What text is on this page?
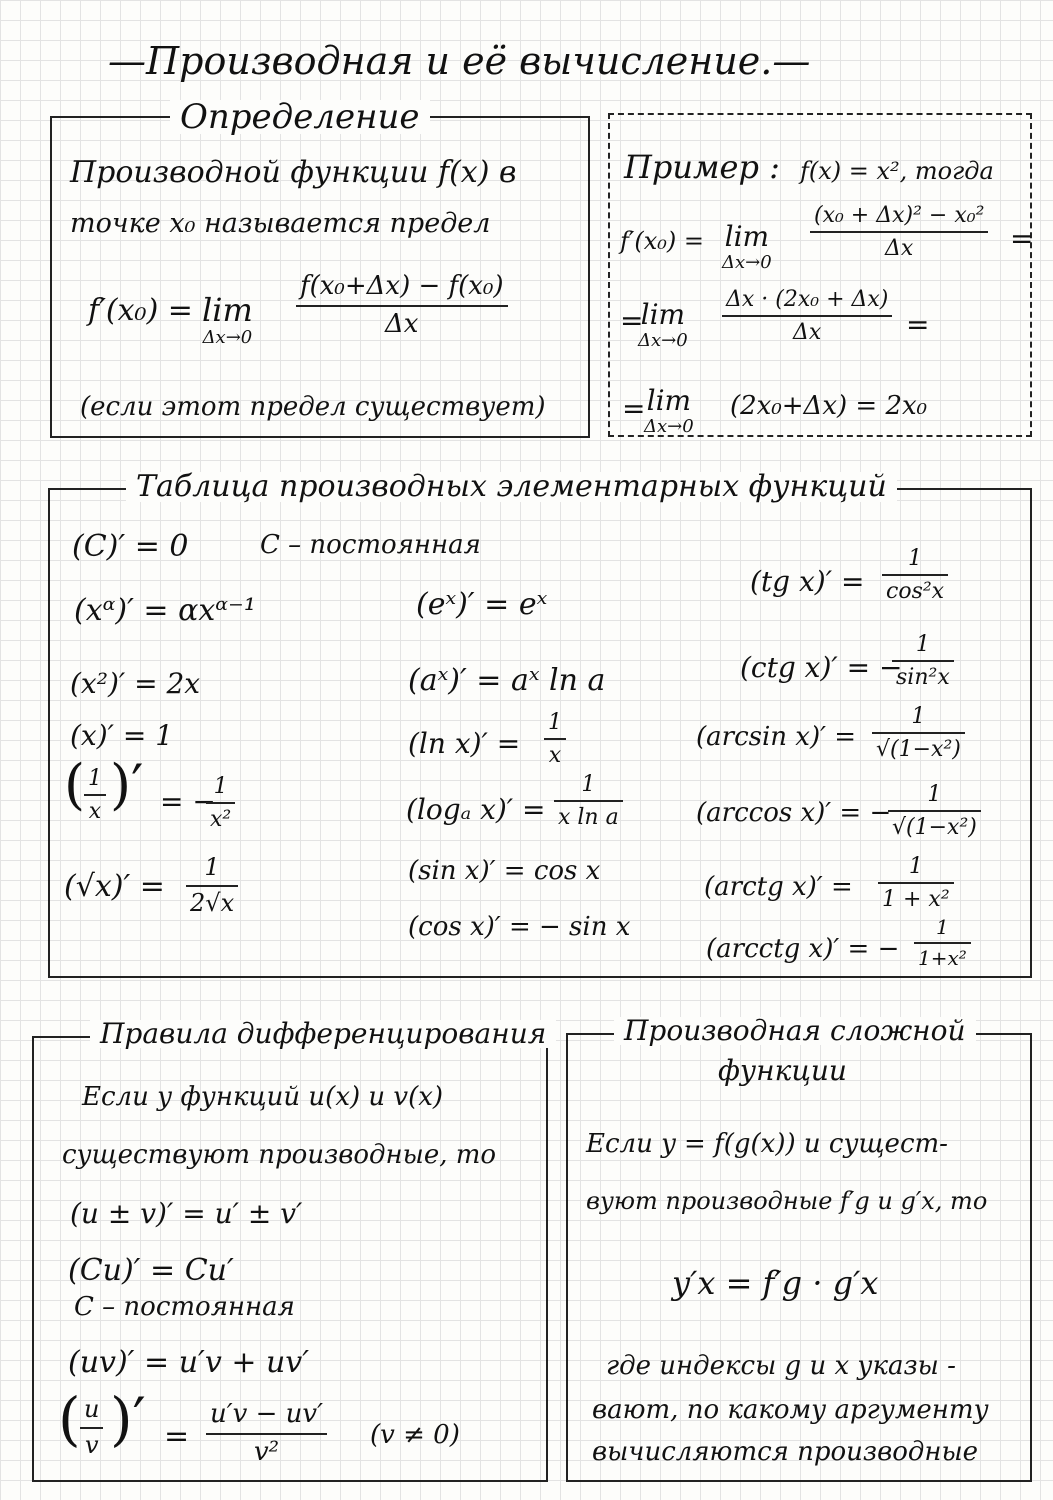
—Производная и её вычисление.—
Определение
Производной функции f(x) в
точке x₀ называется предел
f′(x₀) = lim
Δx→0
f(x₀+Δx) − f(x₀)
Δx
(если этот предел существует)
Пример : f(x) = x², тогда
f′(x₀) = lim
Δx→0
(x₀ + Δx)² − x₀²
Δx	=
=
lim
Δx→0
Δx · (2x₀ + Δx)
Δx	=
= lim
Δx→0
(2x₀+Δx) = 2x₀
Таблица производных элементарных функций
(C)′ = 0	C – постоянная
(xᵅ)′ = αxᵅ⁻¹
(x²)′ = 2x
(x)′ = 1
( 1
x )′ = −
1
x²
(√x)′ =
1
2√x
(eˣ)′ = eˣ
(aˣ)′ = aˣ ln a
(ln x)′ =
1
x
(logₐ x)′ =
1
x ln a
(sin x)′ = cos x
(cos x)′ = − sin x
(tg x)′ =
1
cos²x
(ctg x)′ = −
1
sin²x
(arcsin x)′ =
1
√(1−x²)
(arccos x)′ = −
1
√(1−x²)
(arctg x)′ =
1
1 + x²
(arcctg x)′ = −
1
1+x²
Правила дифференцирования
Если у функций u(x) и v(x)
существуют производные, то
(u ± v)′ = u′ ± v′
(Cu)′ = Cu′
C – постоянная
(uv)′ = u′v + uv′
( u
v )′ =
u′v − uv′
v²
(v ≠ 0)
Производная сложной
функции
Если y = f(g(x)) и сущест-
вуют производные f′g и g′x, то
y′x = f′g · g′x
где индексы g и x указы -
вают, по какому аргументу
вычисляются производные
